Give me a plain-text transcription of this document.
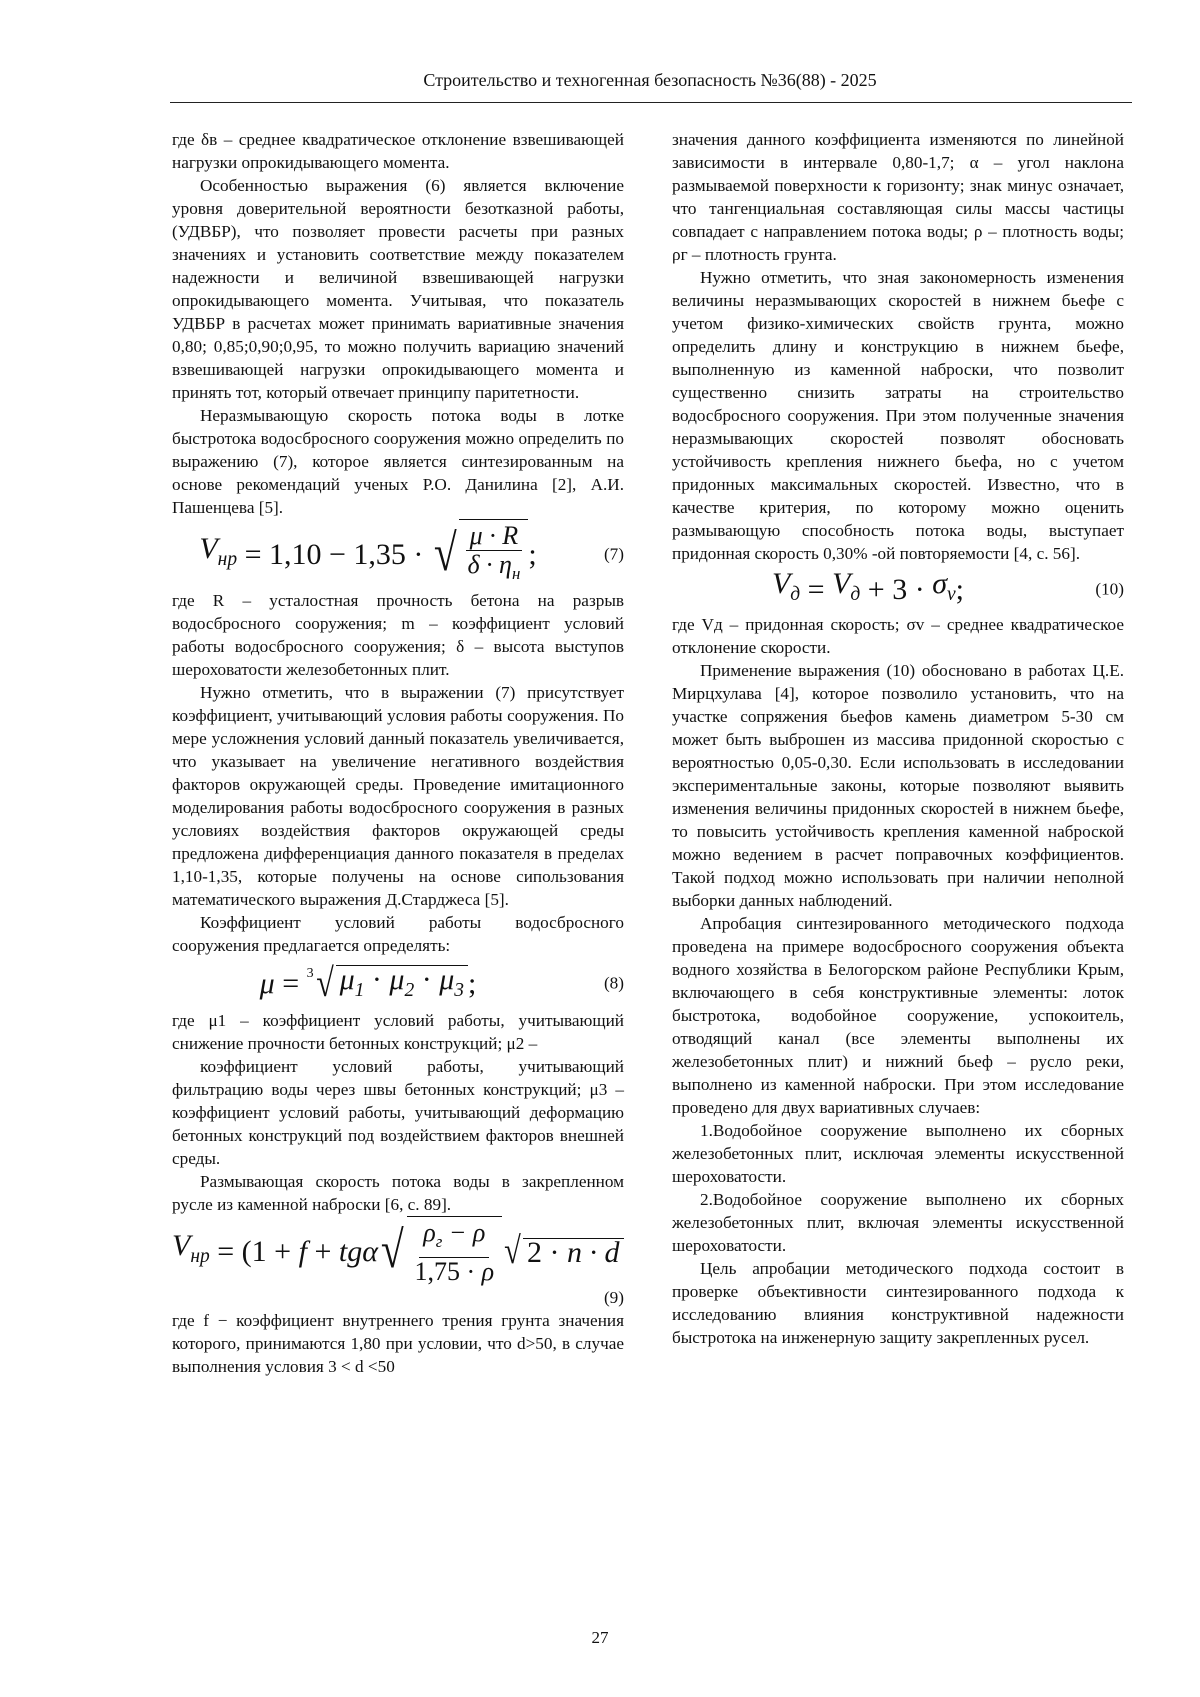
Строительство и техногенная безопасность №36(88) - 2025

где δв – среднее квадратическое отклонение взвешивающей нагрузки опрокидывающего момента.

Особенностью выражения (6) является включение уровня доверительной вероятности безотказной работы, (УДВБР), что позволяет провести расчеты при разных значениях и установить соответствие между показателем надежности и величиной взвешивающей нагрузки опрокидывающего момента. Учитывая, что показатель УДВБР в расчетах может принимать вариативные значения 0,80; 0,85;0,90;0,95, то можно получить вариацию значений взвешивающей нагрузки опрокидывающего момента и принять тот, который отвечает принципу паритетности.

Неразмывающую скорость потока воды в лотке быстротока водосбросного сооружения можно определить по выражению (7), которое является синтезированным на основе рекомендаций ученых Р.О. Данилина [2], А.И. Пашенцева [5].

$V_{нр} = 1,10 - 1,35$ · √ $\frac{\mu \cdot R}{\delta \cdot \eta_н}$ ;	(7)

где R – усталостная прочность бетона на разрыв водосбросного сооружения; m – коэффициент условий работы водосбросного сооружения; δ – высота выступов шероховатости железобетонных плит.

Нужно отметить, что в выражении (7) присутствует коэффициент, учитывающий условия работы сооружения. По мере усложнения условий данный показатель увеличивается, что указывает на увеличение негативного воздействия факторов окружающей среды. Проведение имитационного моделирования работы водосбросного сооружения в разных условиях воздействия факторов окружающей среды предложена дифференциация данного показателя в пределах 1,10-1,35, которые получены на основе сипользования математического выражения Д.Старджеса [5].

Коэффициент условий работы водосбросного сооружения предлагается определять:

μ = 3 √ $\mu_1 \cdot \mu_2 \cdot \mu_3$ ;	(8)

где μ1 – коэффициент условий работы, учитывающий снижение прочности бетонных конструкций; μ2 –

коэффициент условий работы, учитывающий фильтрацию воды через швы бетонных конструкций; μ3 –коэффициент условий работы, учитывающий деформацию бетонных конструкций под воздействием факторов внешней среды.

Размывающая скорость потока воды в закрепленном русле из каменной наброски [6, с. 89].

$V_{нр} = (1 + f + tg\alpha$ √ $\frac{\rho_г - \rho}{1,75 \cdot \rho}$ √ 2 · n · d
(9)

где f − коэффициент внутреннего трения грунта значения которого, принимаются 1,80 при условии, что d>50, в случае выполнения условия 3 < d <50

значения данного коэффициента изменяются по линейной зависимости в интервале 0,80-1,7; α – угол наклона размываемой поверхности к горизонту; знак минус означает, что тангенциальная составляющая силы массы частицы совпадает с направлением потока воды; ρ – плотность воды; ρг – плотность грунта.

Нужно отметить, что зная закономерность изменения величины неразмывающих скоростей в нижнем бьефе с учетом физико-химических свойств грунта, можно определить длину и конструкцию в нижнем бьефе, выполненную из каменной наброски, что позволит существенно снизить затраты на строительство водосбросного сооружения. При этом полученные значения неразмывающих скоростей позволят обосновать устойчивость крепления нижнего бьефа, но с учетом придонных максимальных скоростей. Известно, что в качестве критерия, по которому можно оценить размывающую способность потока воды, выступает придонная скорость 0,30% -ой повторяемости [4, с. 56].

$V_д = V_д + 3 \cdot \sigma_v$ ;	(10)

где Vд – придонная скорость; σv – среднее квадратическое отклонение скорости.

Применение выражения (10) обосновано в работах Ц.Е. Мирцхулава [4], которое позволило установить, что на участке сопряжения бьефов камень диаметром 5-30 см может быть выброшен из массива придонной скоростью с вероятностью 0,05-0,30. Если использовать в исследовании экспериментальные законы, которые позволяют выявить изменения величины придонных скоростей в нижнем бьефе, то повысить устойчивость крепления каменной наброской можно ведением в расчет поправочных коэффициентов. Такой подход можно использовать при наличии неполной выборки данных наблюдений.

Апробация синтезированного методического подхода проведена на примере водосбросного сооружения объекта водного хозяйства в Белогорском районе Республики Крым, включающего в себя конструктивные элементы: лоток быстротока, водобойное сооружение, успокоитель, отводящий канал (все элементы выполнены их железобетонных плит) и нижний бьеф – русло реки, выполнено из каменной наброски. При этом исследование проведено для двух вариативных случаев:

1.Водобойное сооружение выполнено их сборных железобетонных плит, исключая элементы искусственной шероховатости.

2.Водобойное сооружение выполнено их сборных железобетонных плит, включая элементы искусственной шероховатости.

Цель апробации методического подхода состоит в проверке объективности синтезированного подхода к исследованию влияния конструктивной надежности быстротока на инженерную защиту закрепленных русел.

27
